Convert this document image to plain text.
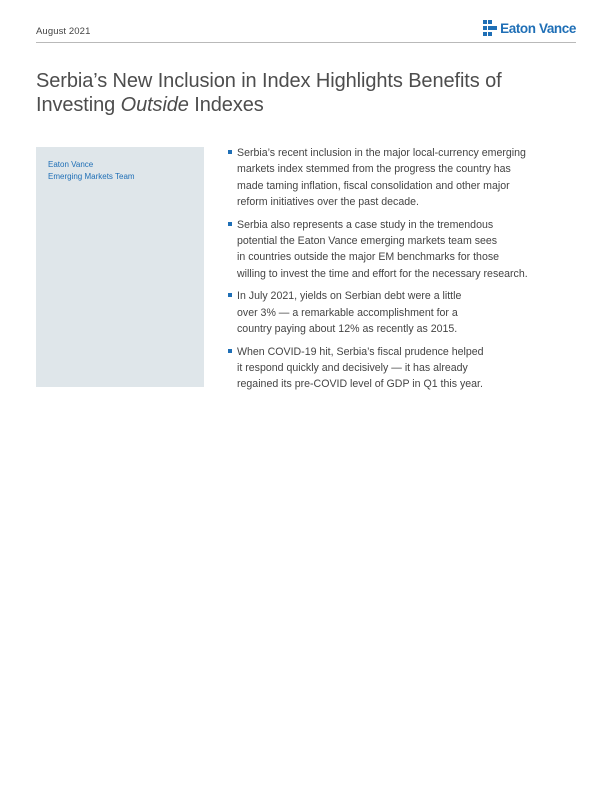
August 2021	Eaton Vance
Serbia’s New Inclusion in Index Highlights Benefits of
Investing Outside Indexes
Eaton Vance
Emerging Markets Team
Serbia’s recent inclusion in the major local-currency emerging
markets index stemmed from the progress the country has
made taming inflation, fiscal consolidation and other major
reform initiatives over the past decade.
Serbia also represents a case study in the tremendous
potential the Eaton Vance emerging markets team sees
in countries outside the major EM benchmarks for those
willing to invest the time and effort for the necessary research.
In July 2021, yields on Serbian debt were a little
over 3% — a remarkable accomplishment for a
country paying about 12% as recently as 2015.
When COVID-19 hit, Serbia’s fiscal prudence helped
it respond quickly and decisively — it has already
regained its pre-COVID level of GDP in Q1 this year.
